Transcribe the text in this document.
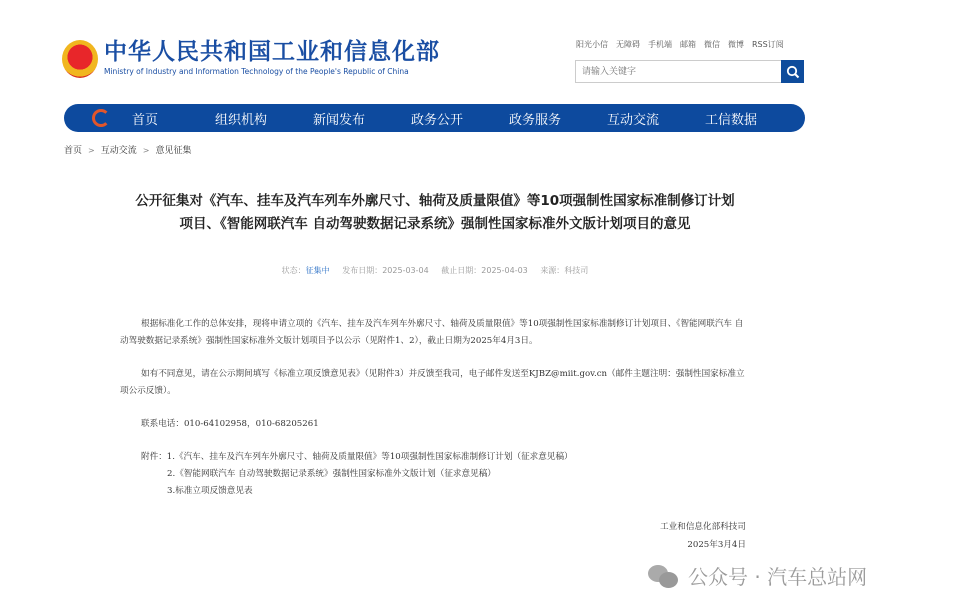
中华人民共和国工业和信息化部
Ministry of Industry and Information Technology of the People's Republic of China
阳光小信 无障碍 手机端 邮箱 微信 微博 RSS订阅
请输入关键字
首页	组织机构	新闻发布	政务公开	政务服务	互动交流	工信数据
首页 > 互动交流 > 意见征集
公开征集对《汽车、挂车及汽车列车外廓尺寸、轴荷及质量限值》等10项强制性国家标准制修订计划
项目、《智能网联汽车 自动驾驶数据记录系统》强制性国家标准外文版计划项目的意见
状态：征集中 发布日期：2025-03-04 截止日期：2025-04-03 来源：科技司

根据标准化工作的总体安排，现将申请立项的《汽车、挂车及汽车列车外廓尺寸、轴荷及质量限值》等10项强制性国家标准制修订计划项目、《智能网联汽车 自动驾驶数据记录系统》强制性国家标准外文版计划项目予以公示（见附件1、2），截止日期为2025年4月3日。

如有不同意见，请在公示期间填写《标准立项反馈意见表》（见附件3）并反馈至我司，电子邮件发送至KJBZ@miit.gov.cn（邮件主题注明：强制性国家标准立项公示反馈）。

联系电话：010-64102958，010-68205261

附件：1.《汽车、挂车及汽车列车外廓尺寸、轴荷及质量限值》等10项强制性国家标准制修订计划（征求意见稿）

2.《智能网联汽车 自动驾驶数据记录系统》强制性国家标准外文版计划（征求意见稿）
3.标准立项反馈意见表
工业和信息化部科技司
2025年3月4日
公众号 · 汽车总站网
